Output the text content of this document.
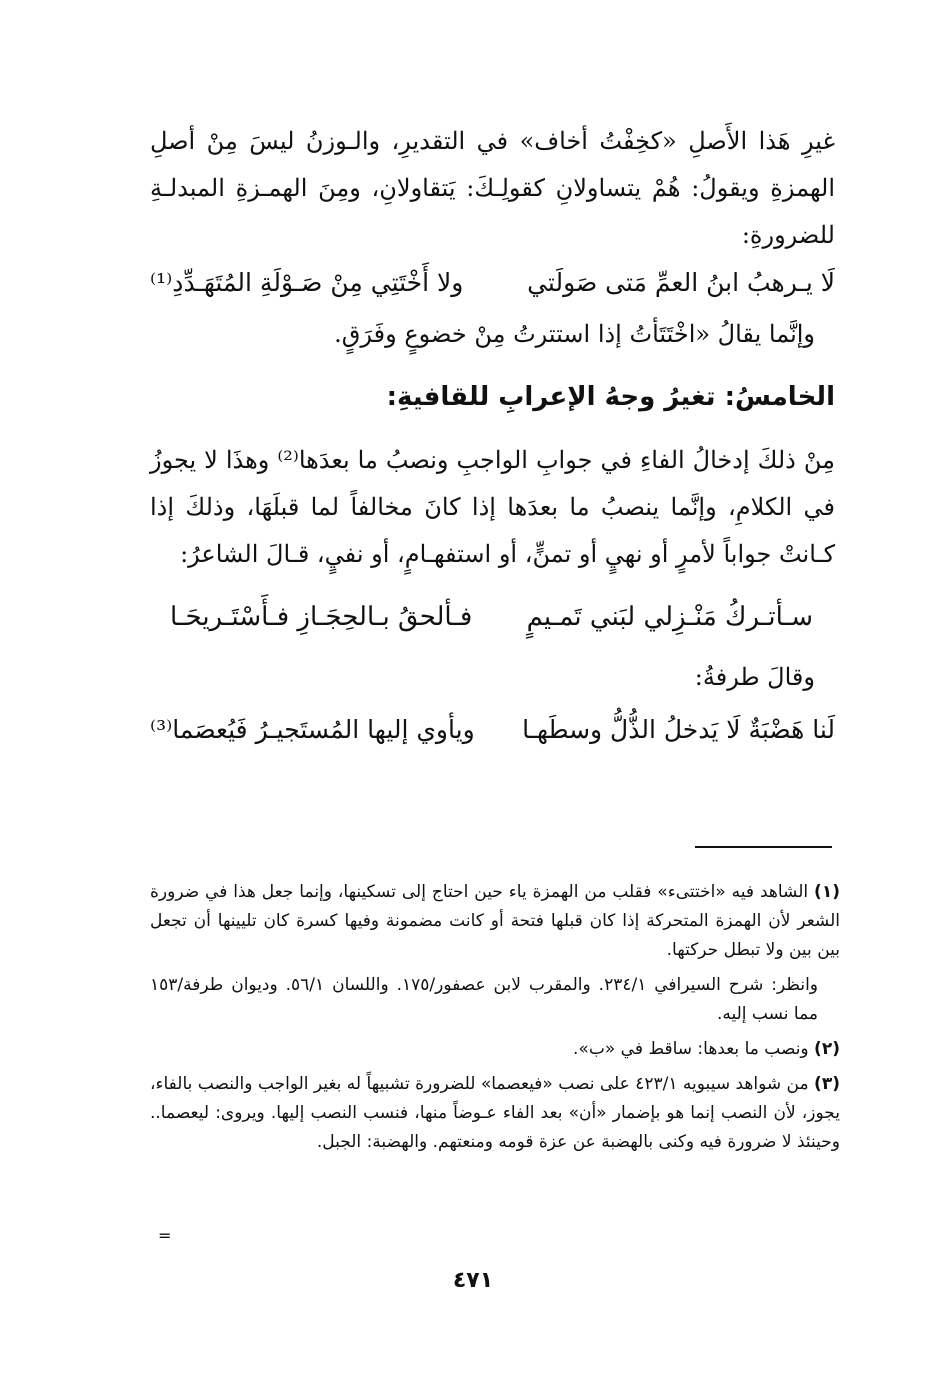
غيرِ هَذا الأَصلِ «كخِفْتُ أخاف» في التقديرِ، والـوزنُ ليسَ مِنْ أصلِ الهمزةِ ويقولُ: هُمْ يتساولانِ كقولِـكَ: يَتقاولانِ، ومِنَ الهمـزةِ المبدلـةِ للضرورةِ:

لَا يـرهبُ ابنُ العمِّ مَتى صَولَتي
ولا أَخْتَتِي مِنْ صَـوْلَةِ المُتَهَـدِّدِ⁽¹⁾

وإنَّما يقالُ «اخْتَتَأتُ إذا استترتُ مِنْ خضوعٍ وفَرَقٍ.

الخامسُ: تغيرُ وجهُ الإعرابِ للقافيةِ:

مِنْ ذلكَ إدخالُ الفاءِ في جوابِ الواجبِ ونصبُ ما بعدَها⁽²⁾ وهذَا لا يجوزُ في الكلامِ، وإنَّما ينصبُ ما بعدَها إذا كانَ مخالفاً لما قبلَهَا، وذلكَ إذا كـانتْ جواباً لأمرٍ أو نهيٍ أو تمنٍّ، أو استفهـامٍ، أو نفيٍ، قـالَ الشاعرُ:

سـأتـركُ مَنْـزِلي لبَني تَمـيمٍ
فـألحقُ بـالحِجَـازِ فـأَسْتَـريحَـا

وقالَ طرفةُ:

لَنا هَضْبَةٌ لَا يَدخلُ الذُّلُّ وسطَهـا
ويأوي إليها المُستَجيـرُ فَيُعصَما⁽³⁾

(١) الشاهد فيه «اختتىء» فقلب من الهمزة ياء حين احتاج إلى تسكينها، وإنما جعل هذا في ضرورة الشعر لأن الهمزة المتحركة إذا كان قبلها فتحة أو كانت مضمونة وفيها كسرة كان تليينها أن تجعل بين بين ولا تبطل حركتها.

وانظر: شرح السيرافي ٢٣٤/١. والمقرب لابن عصفور/١٧٥. واللسان ٥٦/١. وديوان طرفة/١٥٣ مما نسب إليه.

(٢) ونصب ما بعدها: ساقط في «ب».

(٣) من شواهد سيبويه ٤٢٣/١ على نصب «فيعصما» للضرورة تشبيهاً له بغير الواجب والنصب بالفاء، يجوز، لأن النصب إنما هو بإضمار «أن» بعد الفاء عـوضاً منها، فنسب النصب إليها. ويروى: ليعصما.. وحينئذ لا ضرورة فيه وكنى بالهضبة عن عزة قومه ومنعتهم. والهضبة: الجبل.

=
٤٧١
